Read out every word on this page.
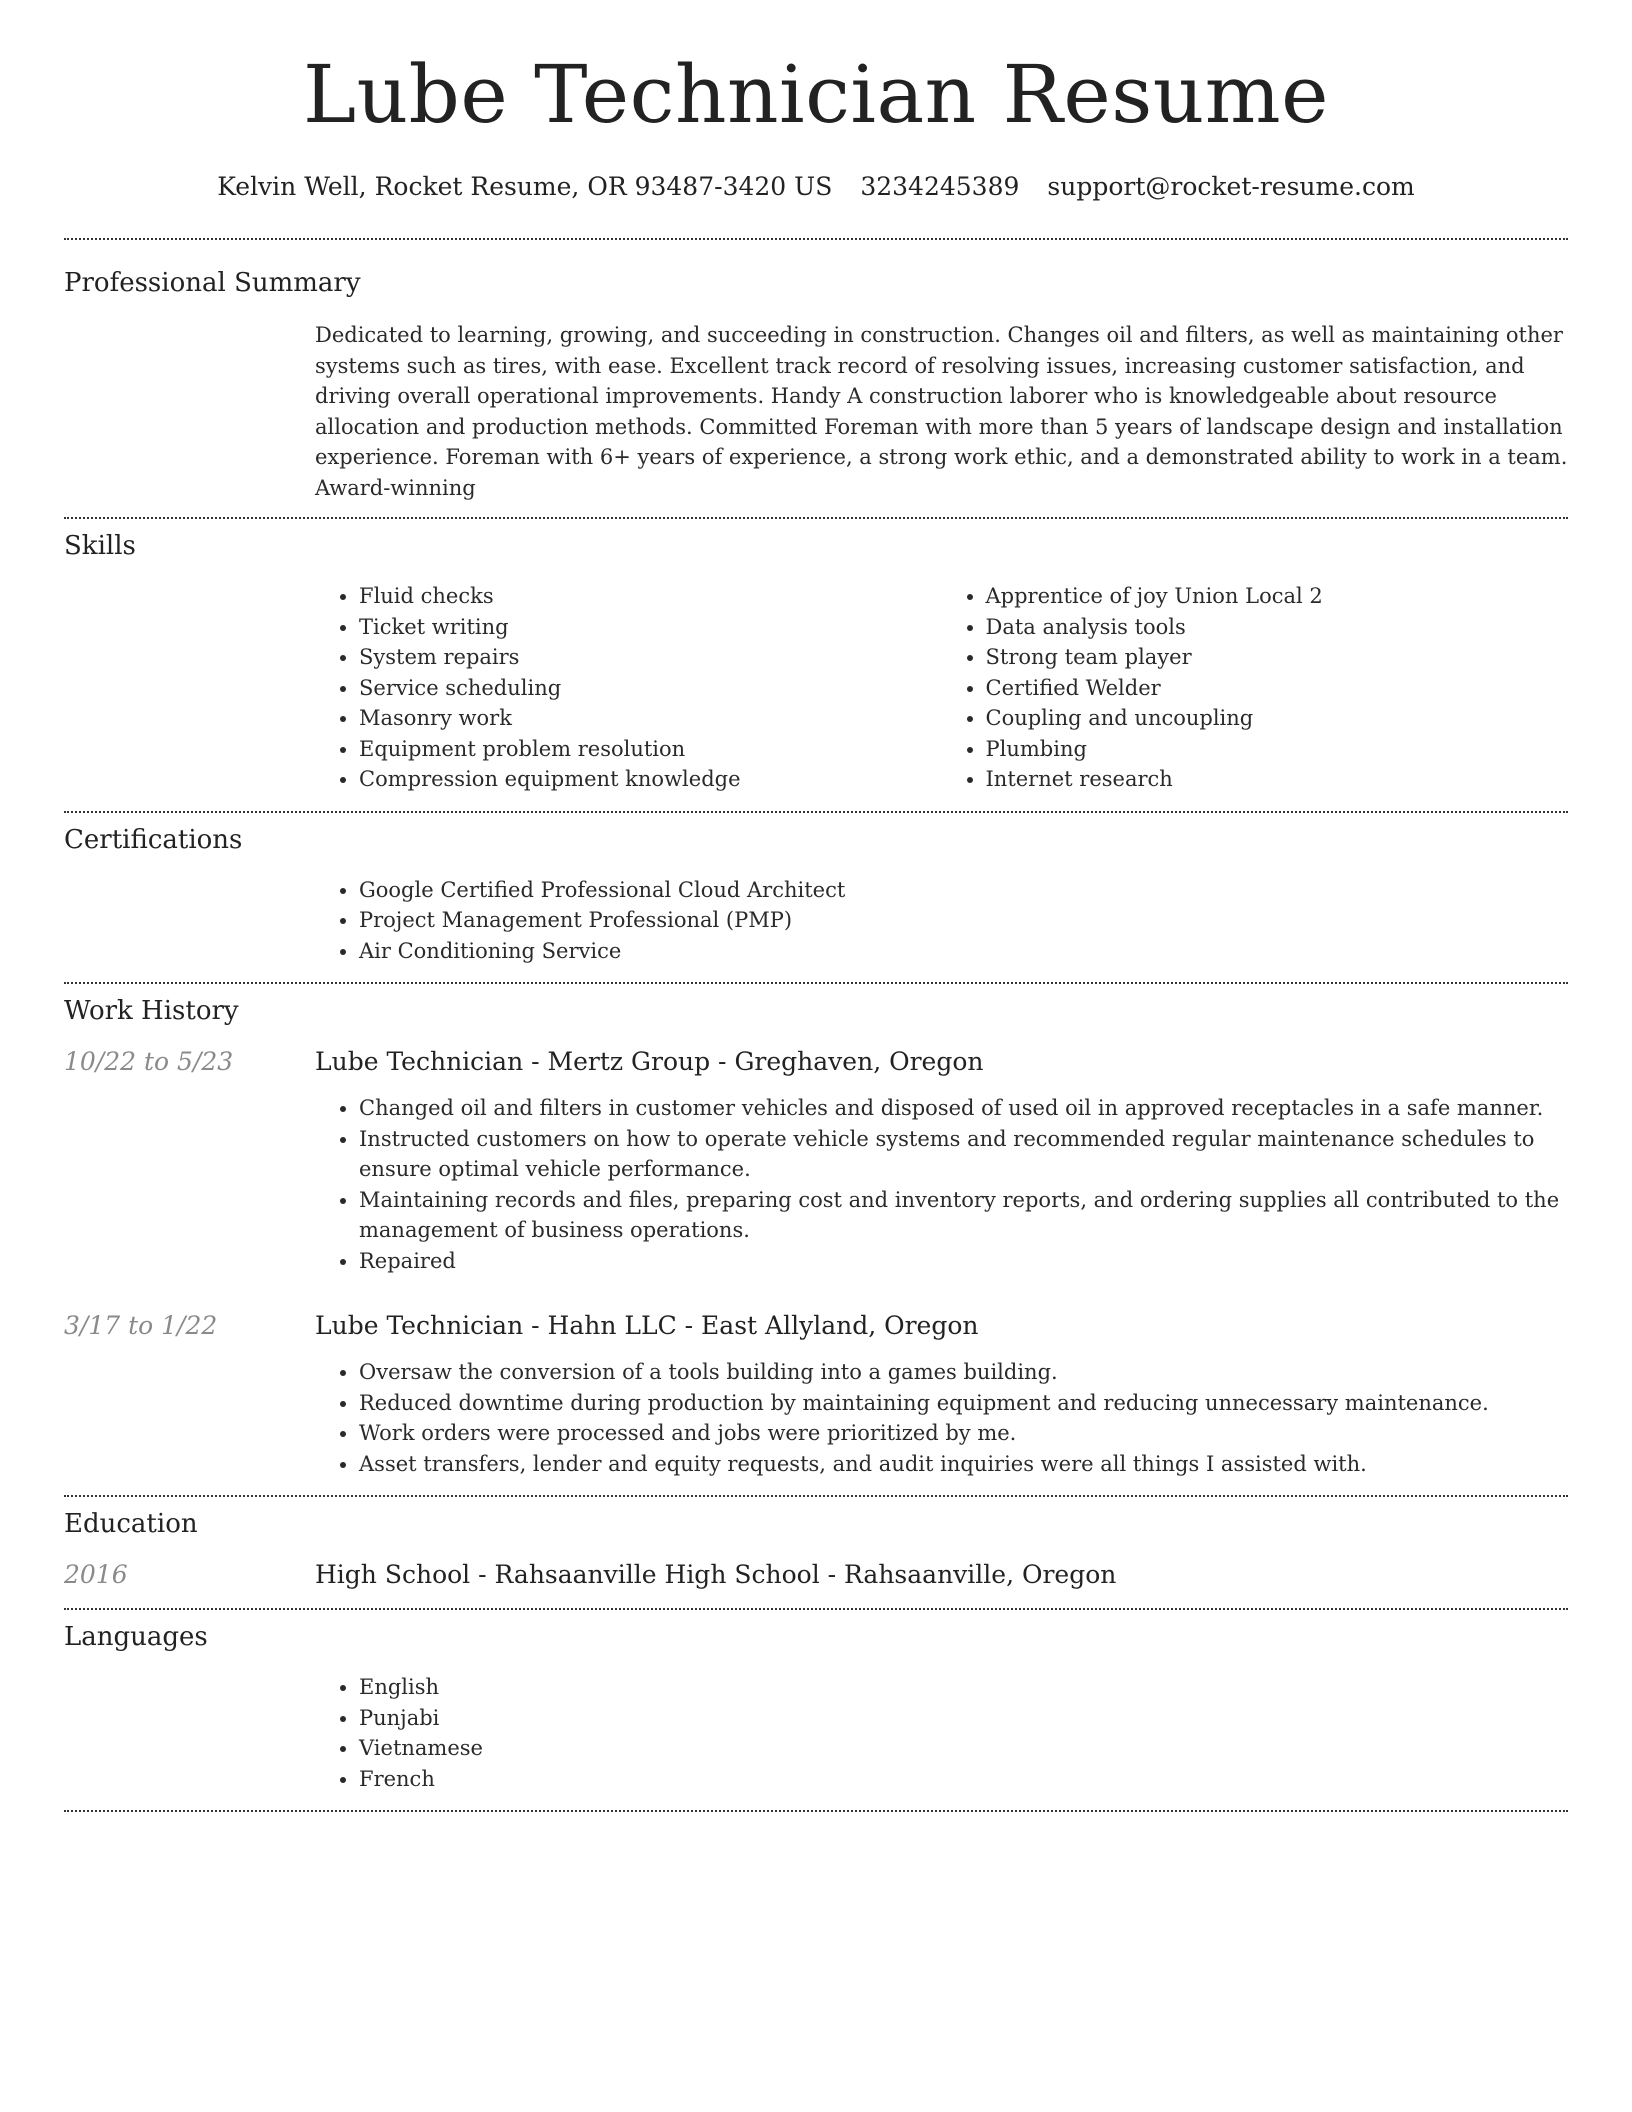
Lube Technician Resume
Kelvin Well, Rocket Resume, OR 93487-3420 US 3234245389 support@rocket-resume.com
Professional Summary

Dedicated to learning, growing, and succeeding in construction. Changes oil and filters, as well as maintaining other systems such as tires, with ease. Excellent track record of resolving issues, increasing customer satisfaction, and driving overall operational improvements. Handy A construction laborer who is knowledgeable about resource allocation and production methods. Committed Foreman with more than 5 years of landscape design and installation experience. Foreman with 6+ years of experience, a strong work ethic, and a demonstrated ability to work in a team. Award-winning

Skills
• Fluid checks
• Ticket writing
• System repairs
• Service scheduling
• Masonry work
• Equipment problem resolution
• Compression equipment knowledge
• Apprentice of joy Union Local 2
• Data analysis tools
• Strong team player
• Certified Welder
• Coupling and uncoupling
• Plumbing
• Internet research
Certifications
• Google Certified Professional Cloud Architect
• Project Management Professional (PMP)
• Air Conditioning Service
Work History
10/22 to 5/23	Lube Technician - Mertz Group - Greghaven, Oregon
• Changed oil and filters in customer vehicles and disposed of used oil in approved receptacles in a safe manner.
• Instructed customers on how to operate vehicle systems and recommended regular maintenance schedules to ensure optimal vehicle performance.
• Maintaining records and files, preparing cost and inventory reports, and ordering supplies all contributed to the management of business operations.
• Repaired
3/17 to 1/22	Lube Technician - Hahn LLC - East Allyland, Oregon
• Oversaw the conversion of a tools building into a games building.
• Reduced downtime during production by maintaining equipment and reducing unnecessary maintenance.
• Work orders were processed and jobs were prioritized by me.
• Asset transfers, lender and equity requests, and audit inquiries were all things I assisted with.
Education
2016	High School - Rahsaanville High School - Rahsaanville, Oregon
Languages
• English
• Punjabi
• Vietnamese
• French
